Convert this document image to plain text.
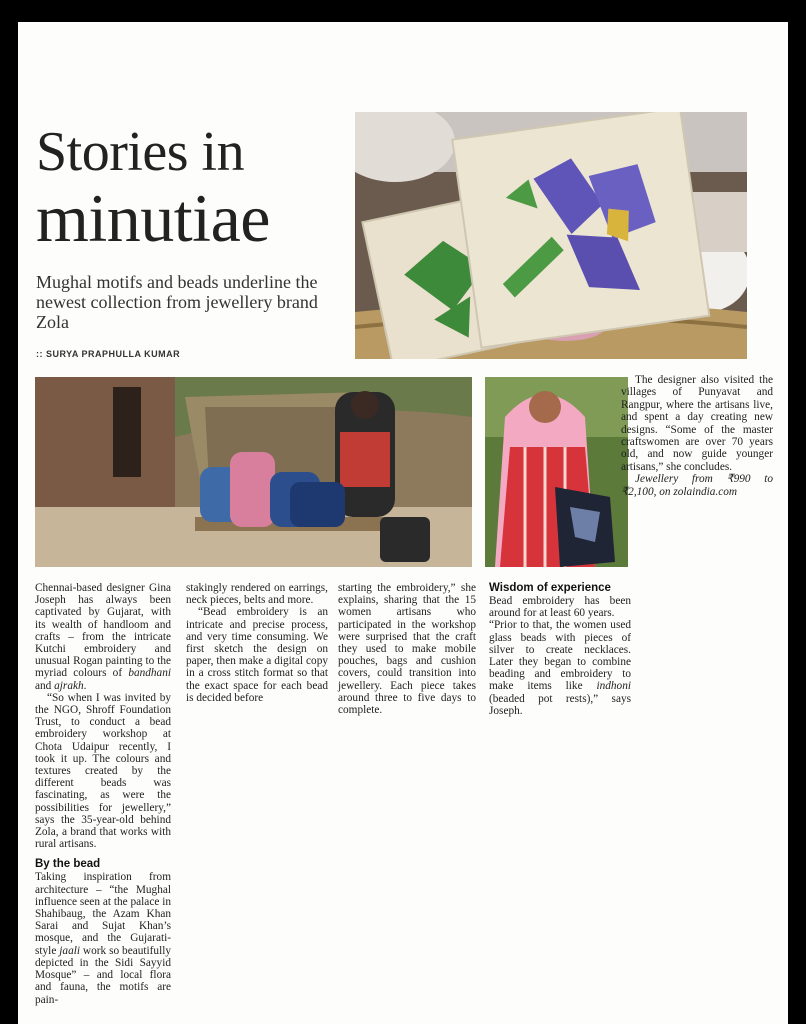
Stories in
minutiae
Mughal motifs and beads underline the newest collection from jewellery brand Zola
:: SURYA PRAPHULLA KUMAR

Chennai-based designer Gina Joseph has always been captivated by Gujarat, with its wealth of handloom and crafts – from the intricate Kutchi embroidery and unusual Rogan painting to the myriad colours of bandhani and ajrakh.

“So when I was invited by the NGO, Shroff Foundation Trust, to conduct a bead embroidery workshop at Chota Udaipur recently, I took it up. The colours and textures created by the different beads was fascinating, as were the possibilities for jewellery,” says the 35-year-old behind Zola, a brand that works with rural artisans.

By the bead

Taking inspiration from architecture – “the Mughal influence seen at the palace in Shahibaug, the Azam Khan Sarai and Sujat Khan’s mosque, and the Gujarati-style jaali work so beautifully depicted in the Sidi Sayyid Mosque” – and local flora and fauna, the motifs are pain-

stakingly rendered on earrings, neck pieces, belts and more.

“Bead embroidery is an intricate and precise process, and very time consuming. We first sketch the design on paper, then make a digital copy in a cross stitch format so that the exact space for each bead is decided before

starting the embroidery,” she explains, sharing that the 15 women artisans who participated in the workshop were surprised that the craft they used to make mobile pouches, bags and cushion covers, could transition into jewellery. Each piece takes around three to five days to complete.

Wisdom of experience

Bead embroidery has been around for at least 60 years.

“Prior to that, the women used glass beads with pieces of silver to create necklaces. Later they began to combine beading and embroidery to make items like indhoni (beaded pot rests),” says Joseph.

The designer also visited the villages of Punyavat and Rangpur, where the artisans live, and spent a day creating new designs. “Some of the master craftswomen are over 70 years old, and now guide younger artisans,” she concludes.

Jewellery from ₹990 to ₹2,100, on zolaindia.com
